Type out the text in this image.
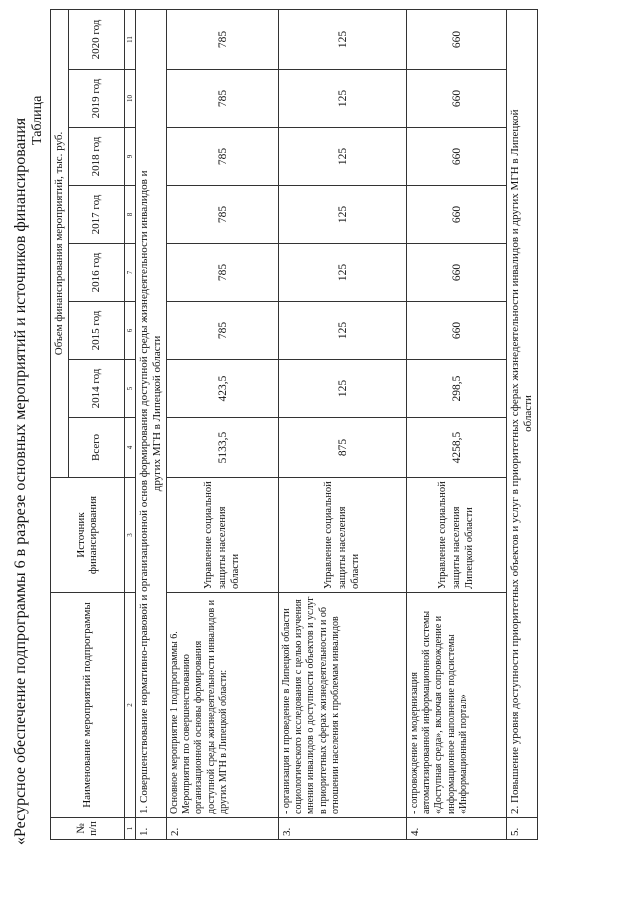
«Ресурсное обеспечение подпрограммы 6 в разрезе основных мероприятий и источников финансирования Таблица
№ п/п	Наименование мероприятий подпрограммы	Источник финансирования	Объем финансирования мероприятий, тыс. руб.							
			Всего	2014 год	2015 год	2016 год	2017 год	2018 год	2019 год	2020 год
1	2	3	4	5	6	7	8	9	10	11
1.	1. Совершенствование нормативно-правовой и организационной основ формирования доступной среды жизнедеятельности инвалидов и других МГН в Липецкой области									

2.	Основное мероприятие 1 подпрограммы 6. Мероприятия по совершенствованию организационной основы формирования доступной среды жизнедеятельности инвалидов и других МГН в Липецкой области:	Управление социальной защиты населения области	5133,5	423,5	785	785	785	785	785	785
3.	- организация и проведение в Липецкой области социологического исследования с целью изучения мнения инвалидов о доступности объектов и услуг в приоритетных сферах жизнедеятельности и об отношении населения к проблемам инвалидов	Управление социальной защиты населения области	875	125	125	125	125	125	125	125
4.	- сопровождение и модернизация автоматизированной информационной системы «Доступная среда», включая сопровождение и информационное наполнение подсистемы «Информационный портал»	Управление социальной защиты населения Липецкой области	4258,5	298,5	660	660	660	660	660	660
5.	2. Повышение уровня доступности приоритетных объектов и услуг в приоритетных сферах жизнедеятельности инвалидов и других МГН в Липецкой области									
